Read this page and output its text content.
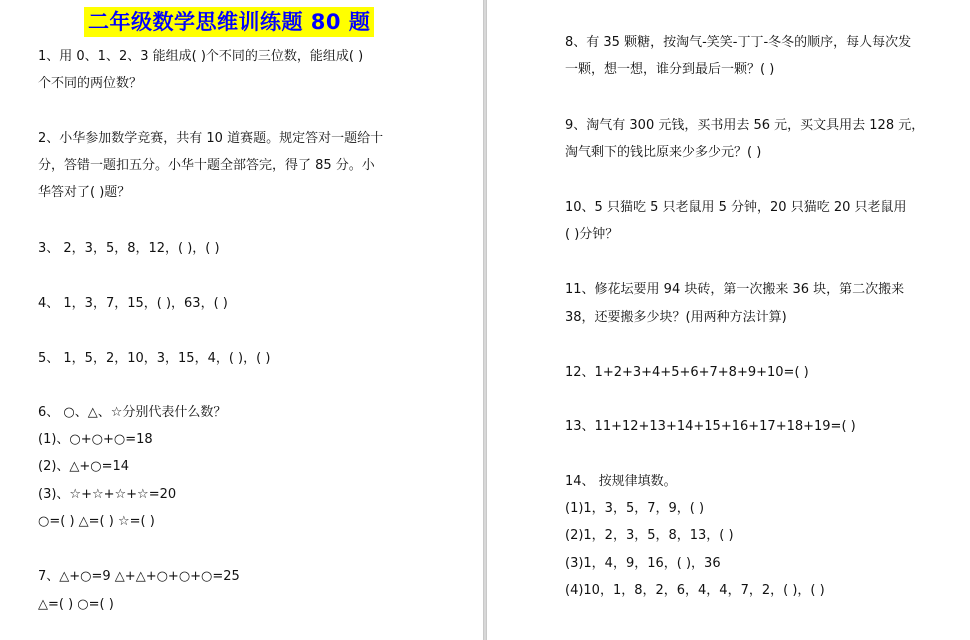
二年级数学思维训练题 80 题
1、用 0、1、2、3 能组成( )个不同的三位数，能组成( )
个不同的两位数？
2、小华参加数学竞赛，共有 10 道赛题。规定答对一题给十
分，答错一题扣五分。小华十题全部答完，得了 85 分。小
华答对了( )题？
3、 2，3，5，8，12，( )，( )
4、 1，3，7，15，( )，63，( )
5、 1，5，2，10，3，15，4，( )，( )
6、 ○、△、☆分别代表什么数？
(1)、○+○+○=18
(2)、△+○=14
(3)、☆+☆+☆+☆=20
○=( ) △=( ) ☆=( )
7、△+○=9 △+△+○+○+○=25
△=( ) ○=( )
8、有 35 颗糖，按淘气-笑笑-丁丁-冬冬的顺序，每人每次发
一颗，想一想，谁分到最后一颗？( )
9、淘气有 300 元钱，买书用去 56 元，买文具用去 128 元，
淘气剩下的钱比原来少多少元？( )
10、5 只猫吃 5 只老鼠用 5 分钟，20 只猫吃 20 只老鼠用
( )分钟？
11、修花坛要用 94 块砖，第一次搬来 36 块，第二次搬来
38，还要搬多少块？(用两种方法计算)
12、1+2+3+4+5+6+7+8+9+10=( )
13、11+12+13+14+15+16+17+18+19=( )
14、 按规律填数。
(1)1，3，5，7，9，( )
(2)1，2，3，5，8，13，( )
(3)1，4，9，16，( )，36
(4)10，1，8，2，6，4，4，7，2，( )，( )
